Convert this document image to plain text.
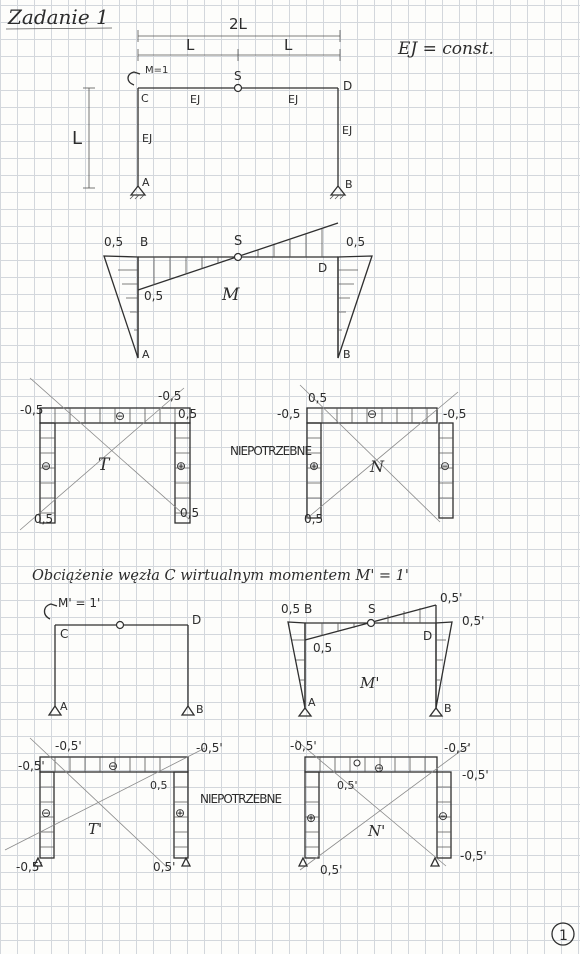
Zadanie 1	2L
L	L	EJ = const.
L
M=1
C
S
D
A	B
EJ	EJ
EJ
EJ
0,5 B	S	0,5
D
0,5	M
A	B
-0,5
-0,5
0,5
0,5	0,5
⊖
⊖	⊕
T
NIEPOTRZEBNE
0,5
-0,5	⊖	-0,5
0,5
⊕	⊖
N
Obciążenie węzła C wirtualnym momentem M' = 1'
M' = 1'
C
D
A	B
0,5 B	S
0,5'
0,5'
D
0,5
M'
A	B
-0,5'
-0,5'
-0,5'
0,5
-0,5'	0,5'
⊖
⊖	⊕
T'
NIEPOTRZEBNE
-0,5'	-0,5'
-0,5'
0,5'
⊖
⊕	⊖
N'
0,5'
-0,5'
1
